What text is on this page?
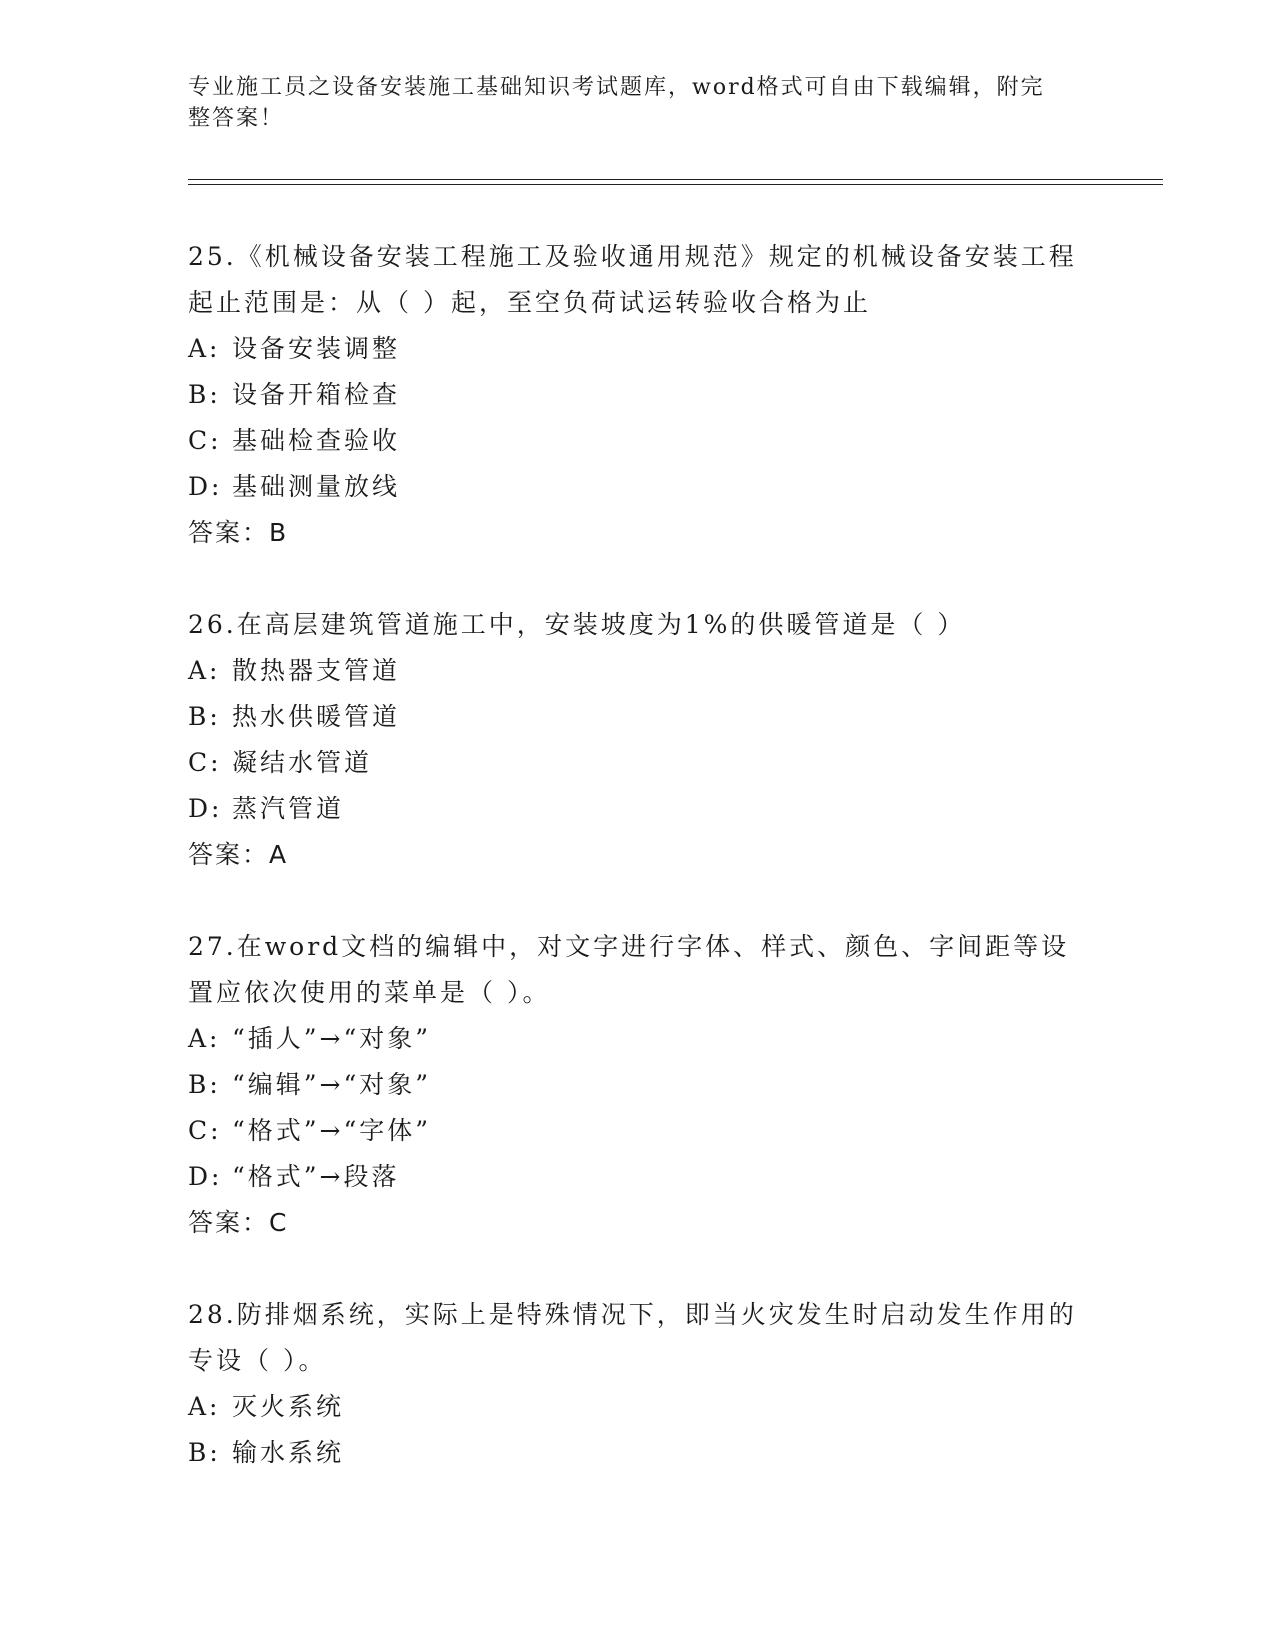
专业施工员之设备安装施工基础知识考试题库，word格式可自由下载编辑，附完整答案！

25.《机械设备安装工程施工及验收通用规范》规定的机械设备安装工程起止范围是：从（ ）起，至空负荷试运转验收合格为止

A: 设备安装调整

B: 设备开箱检查

C: 基础检查验收

D: 基础测量放线

答案：B

26.在高层建筑管道施工中，安装坡度为1%的供暖管道是（ ）

A: 散热器支管道

B: 热水供暖管道

C: 凝结水管道

D: 蒸汽管道

答案：A

27.在word文档的编辑中，对文字进行字体、样式、颜色、字间距等设置应依次使用的菜单是（ ）。

A: “插人”→“对象”

B: “编辑”→“对象”

C: “格式”→“字体”

D: “格式”→段落

答案：C

28.防排烟系统，实际上是特殊情况下，即当火灾发生时启动发生作用的专设（ ）。

A: 灭火系统

B: 输水系统
